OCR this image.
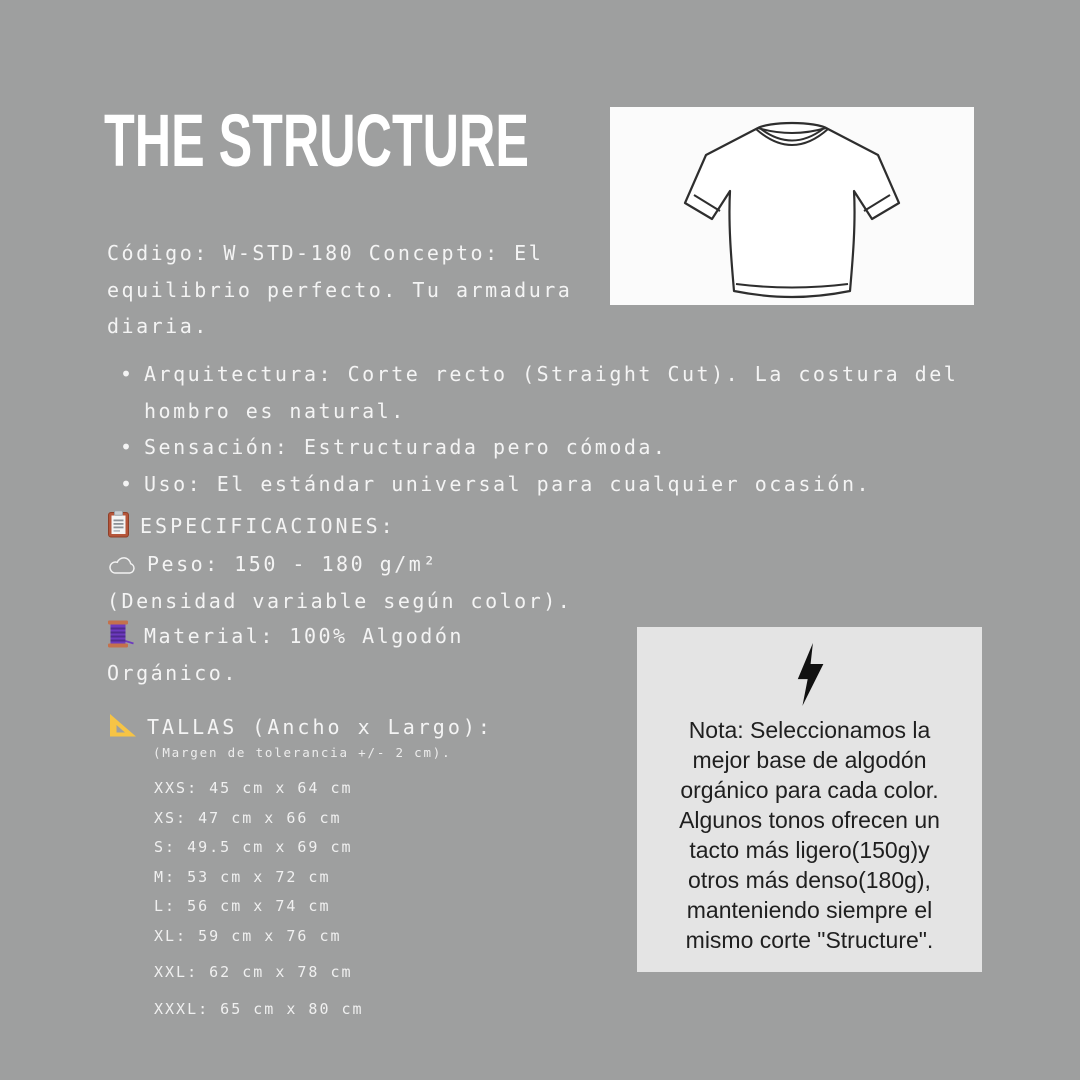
THE STRUCTURE
Código: W-STD-180 Concepto: El equilibrio perfecto. Tu armadura diaria.
• Arquitectura: Corte recto (Straight Cut). La costura del hombro es natural.
• Sensación: Estructurada pero cómoda.
• Uso: El estándar universal para cualquier ocasión.
ESPECIFICACIONES:
Peso: 150 - 180 g/m² (Densidad variable según color).
Material: 100% Algodón Orgánico.
TALLAS (Ancho x Largo):
(Margen de tolerancia +/- 2 cm).
XXS: 45 cm x 64 cm
XS: 47 cm x 66 cm
S: 49.5 cm x 69 cm
M: 53 cm x 72 cm
L: 56 cm x 74 cm
XL: 59 cm x 76 cm
XXL: 62 cm x 78 cm
XXXL: 65 cm x 80 cm
Nota: Seleccionamos la mejor base de algodón orgánico para cada color. Algunos tonos ofrecen un tacto más ligero(150g)y otros más denso(180g), manteniendo siempre el mismo corte "Structure".
